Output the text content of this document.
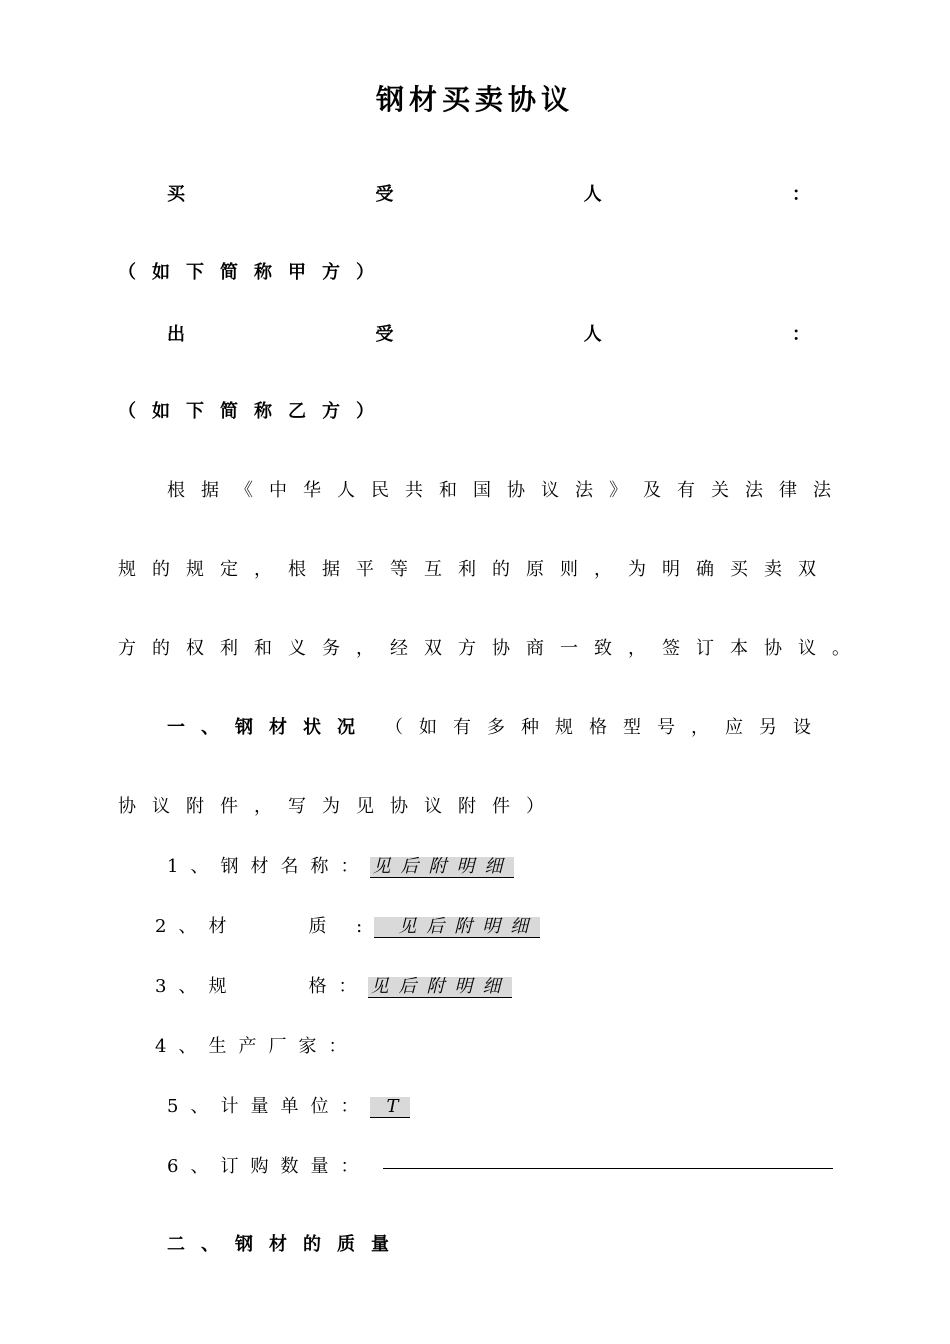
钢材买卖协议
买	受	人	：
（如下简称甲方）
出	受	人	：
（如下简称乙方）
根据《中华人民共和国协议法》及有关法律法
规的规定，根据平等互利的原则，为明确买卖双
方的权利和义务，经双方协商一致，签订本协议。
一、钢材状况 （如有多种规格型号，应另设
协议附件，写为见协议附件）
1、钢材名称： 见后附明细
2、材	质 : 见后附明细
3、规	格： 见后附明细
4、生产厂家：
5、计量单位： T
6、订购数量：
二、钢材的质量
